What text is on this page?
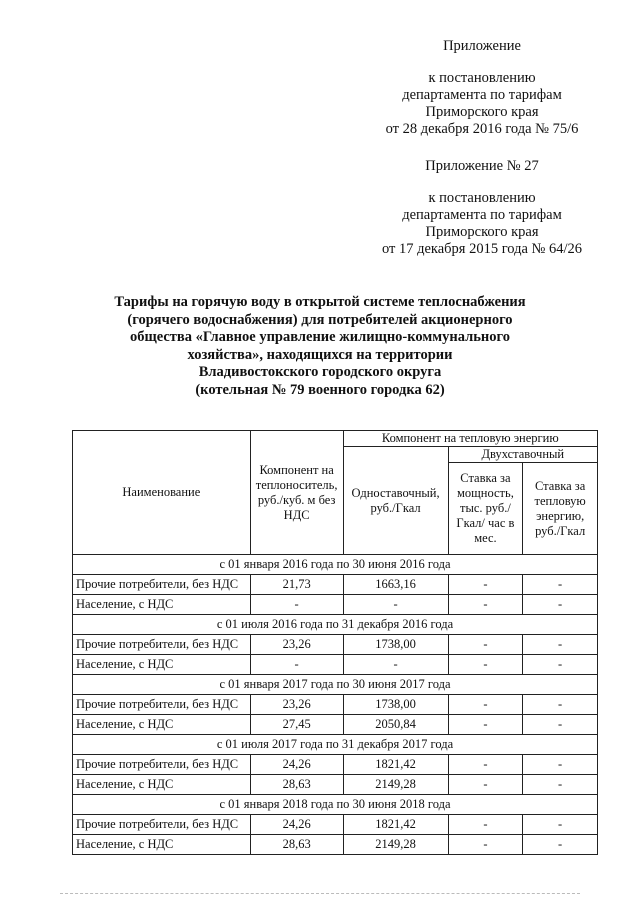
Приложение
к постановлению
департамента по тарифам
Приморского края
от 28 декабря 2016 года № 75/6
Приложение № 27
к постановлению
департамента по тарифам
Приморского края
от 17 декабря 2015 года № 64/26
Тарифы на горячую воду в открытой системе теплоснабжения
(горячего водоснабжения) для потребителей акционерного
общества «Главное управление жилищно-коммунального
хозяйства», находящихся на территории
Владивостокского городского округа
(котельная № 79 военного городка 62)
Наименование	Компонент на теплоноситель, руб./куб. м без НДС	Компонент на тепловую энергию		
		Одноставочный, руб./Гкал	Двухставочный	
			Ставка за мощность, тыс. руб./Гкал/ час в мес.	Ставка за тепловую энергию, руб./Гкал
с 01 января 2016 года по 30 июня 2016 года				
Прочие потребители, без НДС	21,73	1663,16	-	-
Население, с НДС	-	-	-	-
с 01 июля 2016 года по 31 декабря 2016 года				
Прочие потребители, без НДС	23,26	1738,00	-	-
Население, с НДС	-	-	-	-
с 01 января 2017 года по 30 июня 2017 года				
Прочие потребители, без НДС	23,26	1738,00	-	-
Население, с НДС	27,45	2050,84	-	-
с 01 июля 2017 года по 31 декабря 2017 года				
Прочие потребители, без НДС	24,26	1821,42	-	-
Население, с НДС	28,63	2149,28	-	-
с 01 января 2018 года по 30 июня 2018 года				
Прочие потребители, без НДС	24,26	1821,42	-	-
Население, с НДС	28,63	2149,28	-	-
